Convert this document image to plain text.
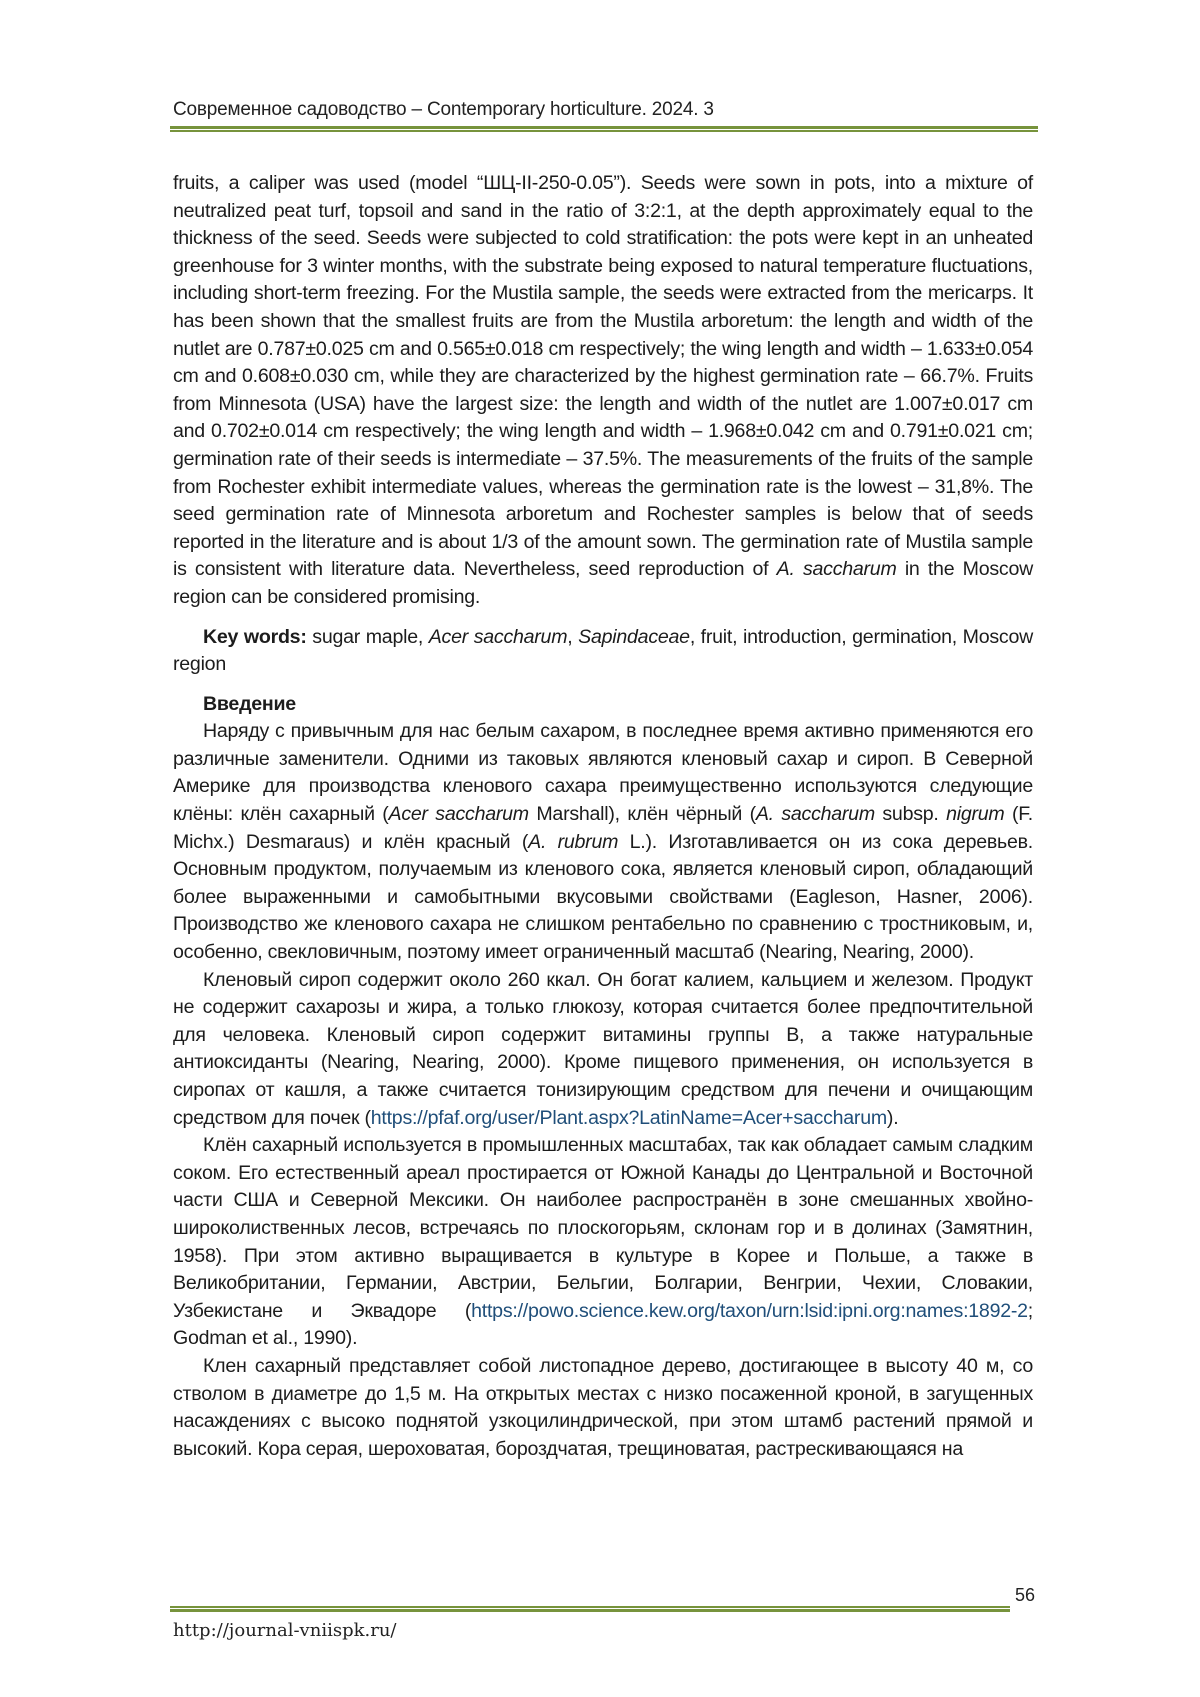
Современное садоводство – Contemporary horticulture. 2024. 3

fruits, a caliper was used (model “ШЦ-II-250-0.05”). Seeds were sown in pots, into a mixture of neutralized peat turf, topsoil and sand in the ratio of 3:2:1, at the depth approximately equal to the thickness of the seed. Seeds were subjected to cold stratification: the pots were kept in an unheated greenhouse for 3 winter months, with the substrate being exposed to natural temperature fluctuations, including short-term freezing. For the Mustila sample, the seeds were extracted from the mericarps. It has been shown that the smallest fruits are from the Mustila arboretum: the length and width of the nutlet are 0.787±0.025 cm and 0.565±0.018 cm respectively; the wing length and width – 1.633±0.054 cm and 0.608±0.030 cm, while they are characterized by the highest germination rate – 66.7%. Fruits from Minnesota (USA) have the largest size: the length and width of the nutlet are 1.007±0.017 cm and 0.702±0.014 cm respectively; the wing length and width – 1.968±0.042 cm and 0.791±0.021 cm; germination rate of their seeds is intermediate – 37.5%. The measurements of the fruits of the sample from Rochester exhibit intermediate values, whereas the germination rate is the lowest – 31,8%. The seed germination rate of Minnesota arboretum and Rochester samples is below that of seeds reported in the literature and is about 1/3 of the amount sown. The germination rate of Mustila sample is consistent with literature data. Nevertheless, seed reproduction of A. saccharum in the Moscow region can be considered promising.

Key words: sugar maple, Acer saccharum, Sapindaceae, fruit, introduction, germination, Moscow region

Введение

Наряду с привычным для нас белым сахаром, в последнее время активно применяются его различные заменители. Одними из таковых являются кленовый сахар и сироп. В Северной Америке для производства кленового сахара преимущественно используются следующие клёны: клён сахарный (Acer saccharum Marshall), клён чёрный (A. saccharum subsp. nigrum (F. Michx.) Desmaraus) и клён красный (A. rubrum L.). Изготавливается он из сока деревьев. Основным продуктом, получаемым из кленового сока, является кленовый сироп, обладающий более выраженными и самобытными вкусовыми свойствами (Eagleson, Hasner, 2006). Производство же кленового сахара не слишком рентабельно по сравнению с тростниковым, и, особенно, свекловичным, поэтому имеет ограниченный масштаб (Nearing, Nearing, 2000).

Кленовый сироп содержит около 260 ккал. Он богат калием, кальцием и железом. Продукт не содержит сахарозы и жира, а только глюкозу, которая считается более предпочтительной для человека. Кленовый сироп содержит витамины группы В, а также натуральные антиоксиданты (Nearing, Nearing, 2000). Кроме пищевого применения, он используется в сиропах от кашля, а также считается тонизирующим средством для печени и очищающим средством для почек (https://pfaf.org/user/Plant.aspx?LatinName=Acer+saccharum).

Клён сахарный используется в промышленных масштабах, так как обладает самым сладким соком. Его естественный ареал простирается от Южной Канады до Центральной и Восточной части США и Северной Мексики. Он наиболее распространён в зоне смешанных хвойно-широколиственных лесов, встречаясь по плоскогорьям, склонам гор и в долинах (Замятнин, 1958). При этом активно выращивается в культуре в Корее и Польше, а также в Великобритании, Германии, Австрии, Бельгии, Болгарии, Венгрии, Чехии, Словакии, Узбекистане и Эквадоре (https://powo.science.kew.org/taxon/urn:lsid:ipni.org:names:1892-2; Godman et al., 1990).

Клен сахарный представляет собой листопадное дерево, достигающее в высоту 40 м, со стволом в диаметре до 1,5 м. На открытых местах с низко посаженной кроной, в загущенных насаждениях с высоко поднятой узкоцилиндрической, при этом штамб растений прямой и высокий. Кора серая, шероховатая, бороздчатая, трещиноватая, растрескивающаяся на

56
http://journal-vniispk.ru/
